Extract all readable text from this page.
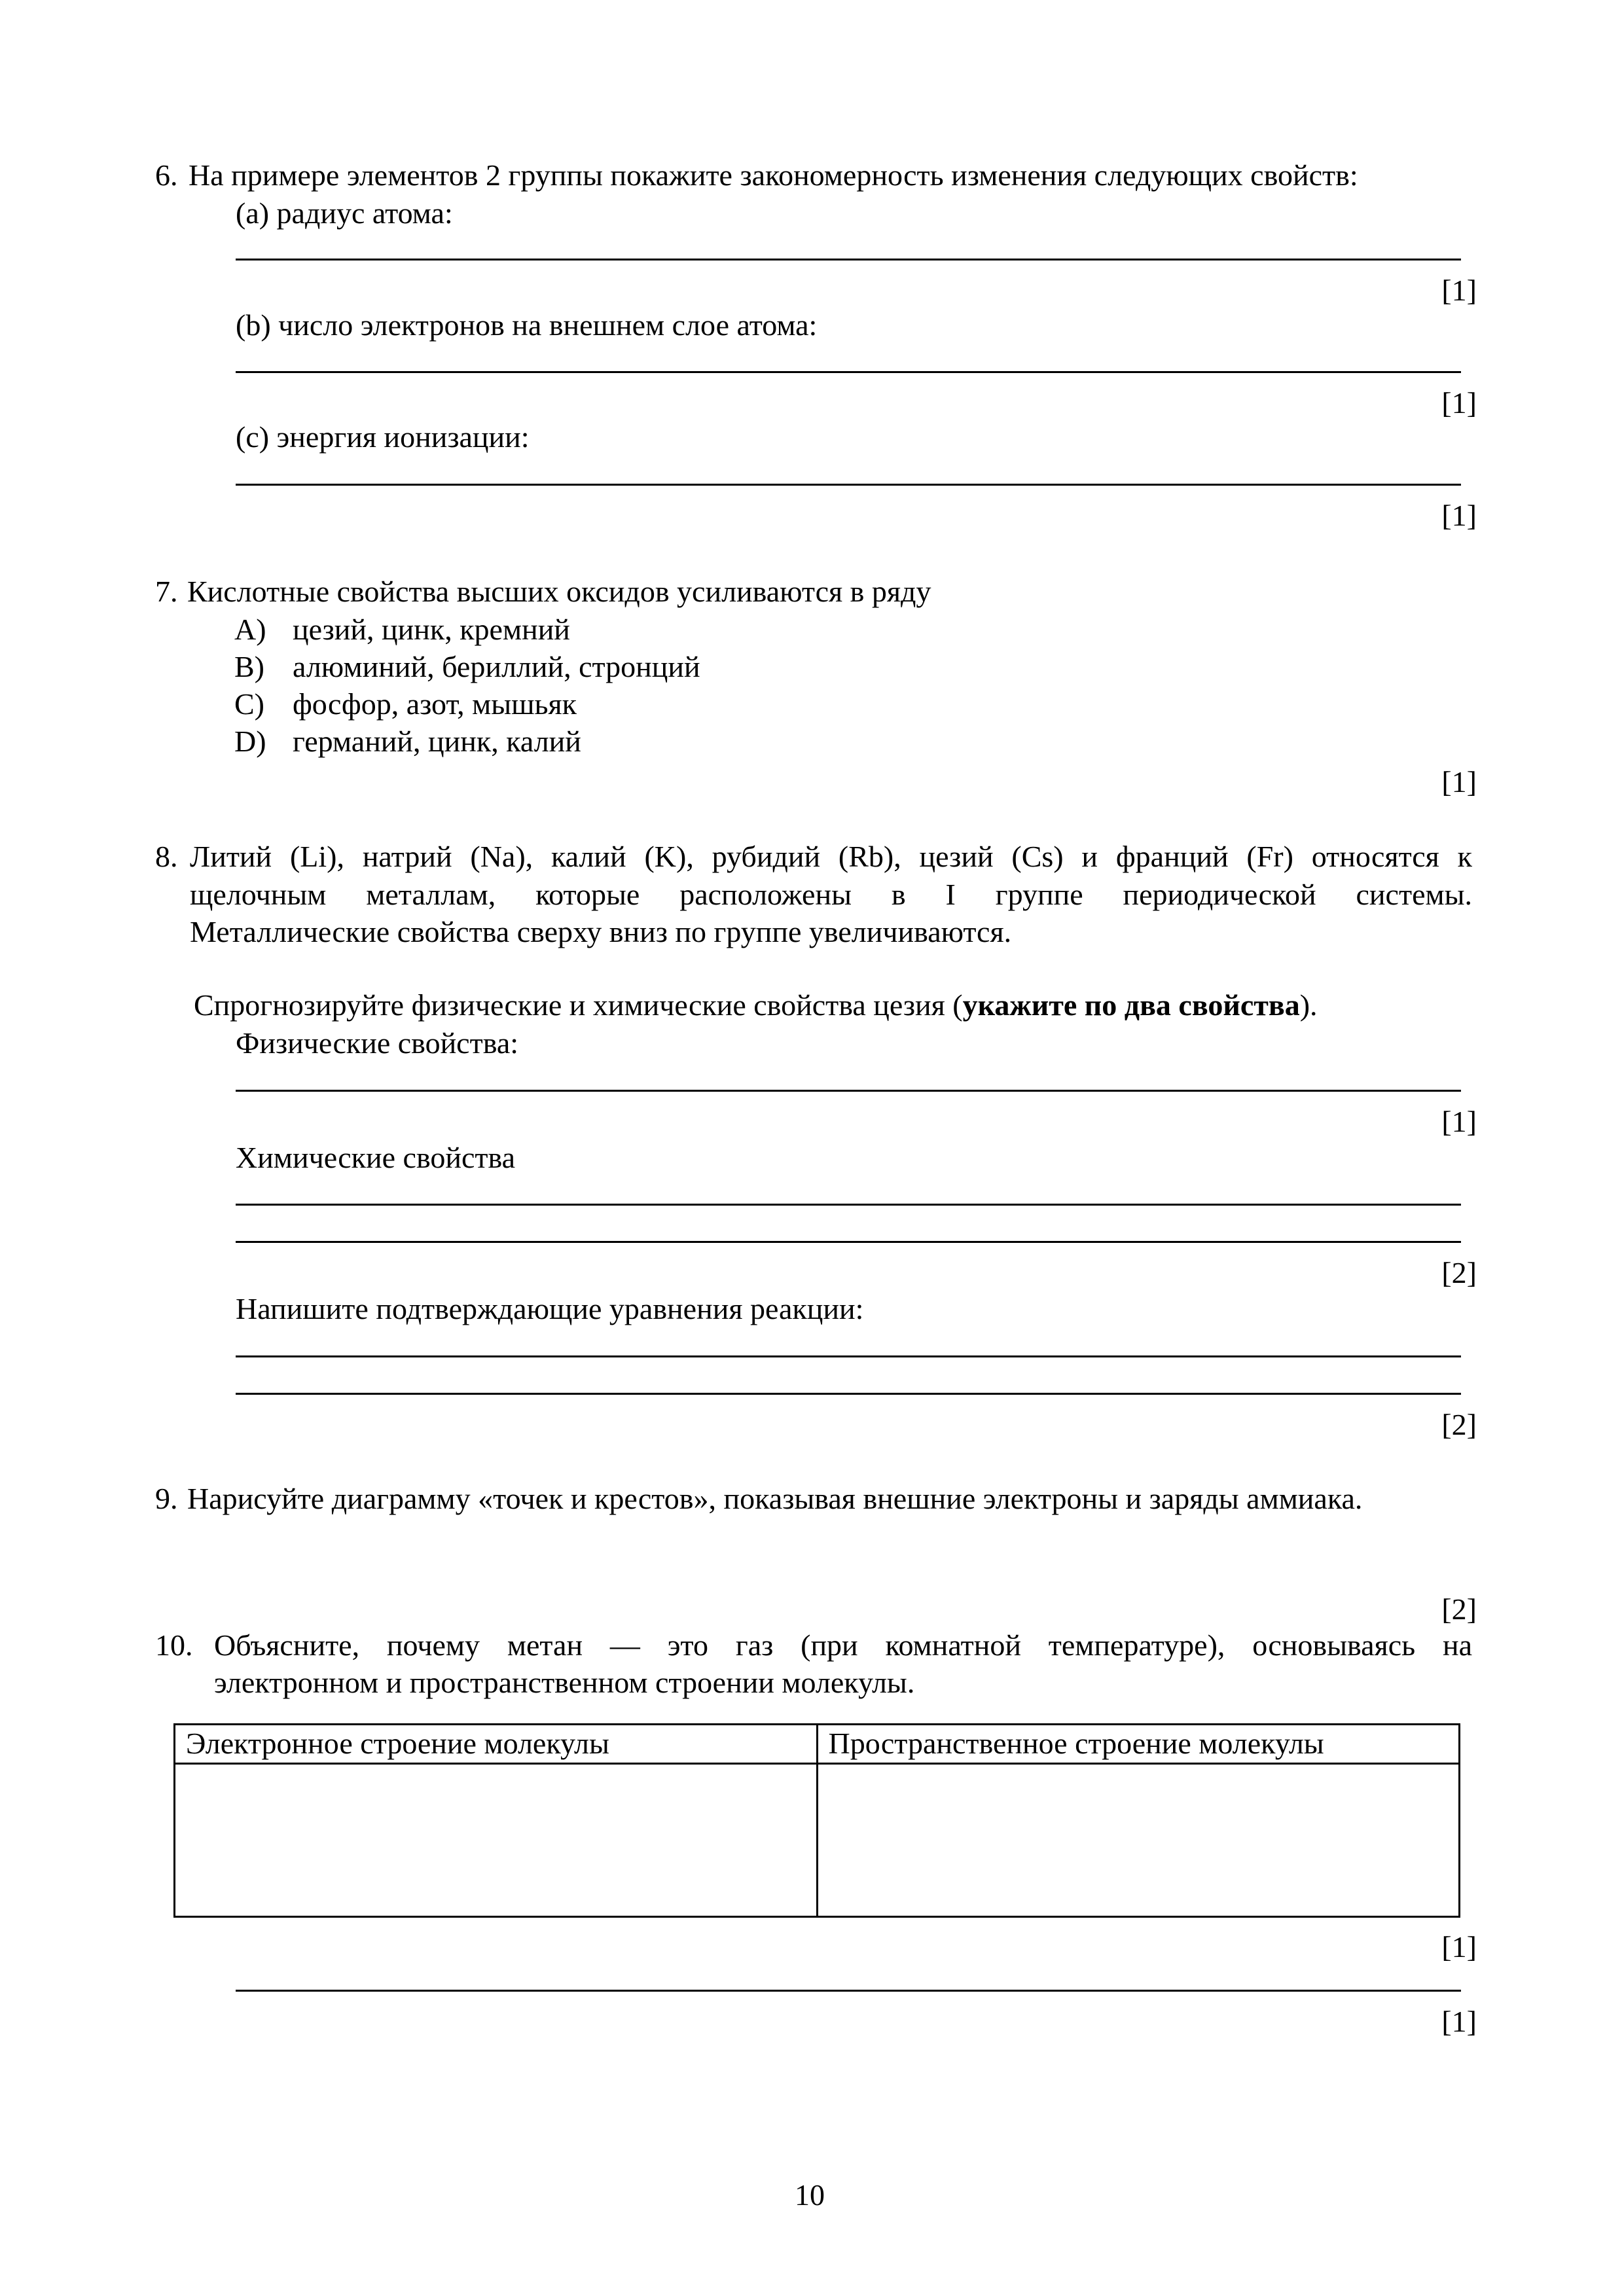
6. На примере элементов 2 группы покажите закономерность изменения следующих свойств:
(a) радиус атома:
[1]
(b) число электронов на внешнем слое атома:
[1]
(c) энергия ионизации:
[1]
7. Кислотные свойства высших оксидов усиливаются в ряду
A) цезий, цинк, кремний
B) алюминий, бериллий, стронций
C) фосфор, азот, мышьяк
D) германий, цинк, калий
[1]
8. Литий (Li), натрий (Na), калий (K), рубидий (Rb), цезий (Cs) и франций (Fr) относятся к
щелочным металлам, которые расположены в I группе периодической системы.
Металлические свойства сверху вниз по группе увеличиваются.
Спрогнозируйте физические и химические свойства цезия (укажите по два свойства).
Физические свойства:
[1]
Химические свойства
[2]
Напишите подтверждающие уравнения реакции:
[2]
9. Нарисуйте диаграмму «точек и крестов», показывая внешние электроны и заряды аммиака.
[2]
10. Объясните, почему метан — это газ (при комнатной температуре), основываясь на
электронном и пространственном строении молекулы.
Электронное строение молекулы	Пространственное строение молекулы

[1]
[1]
10
